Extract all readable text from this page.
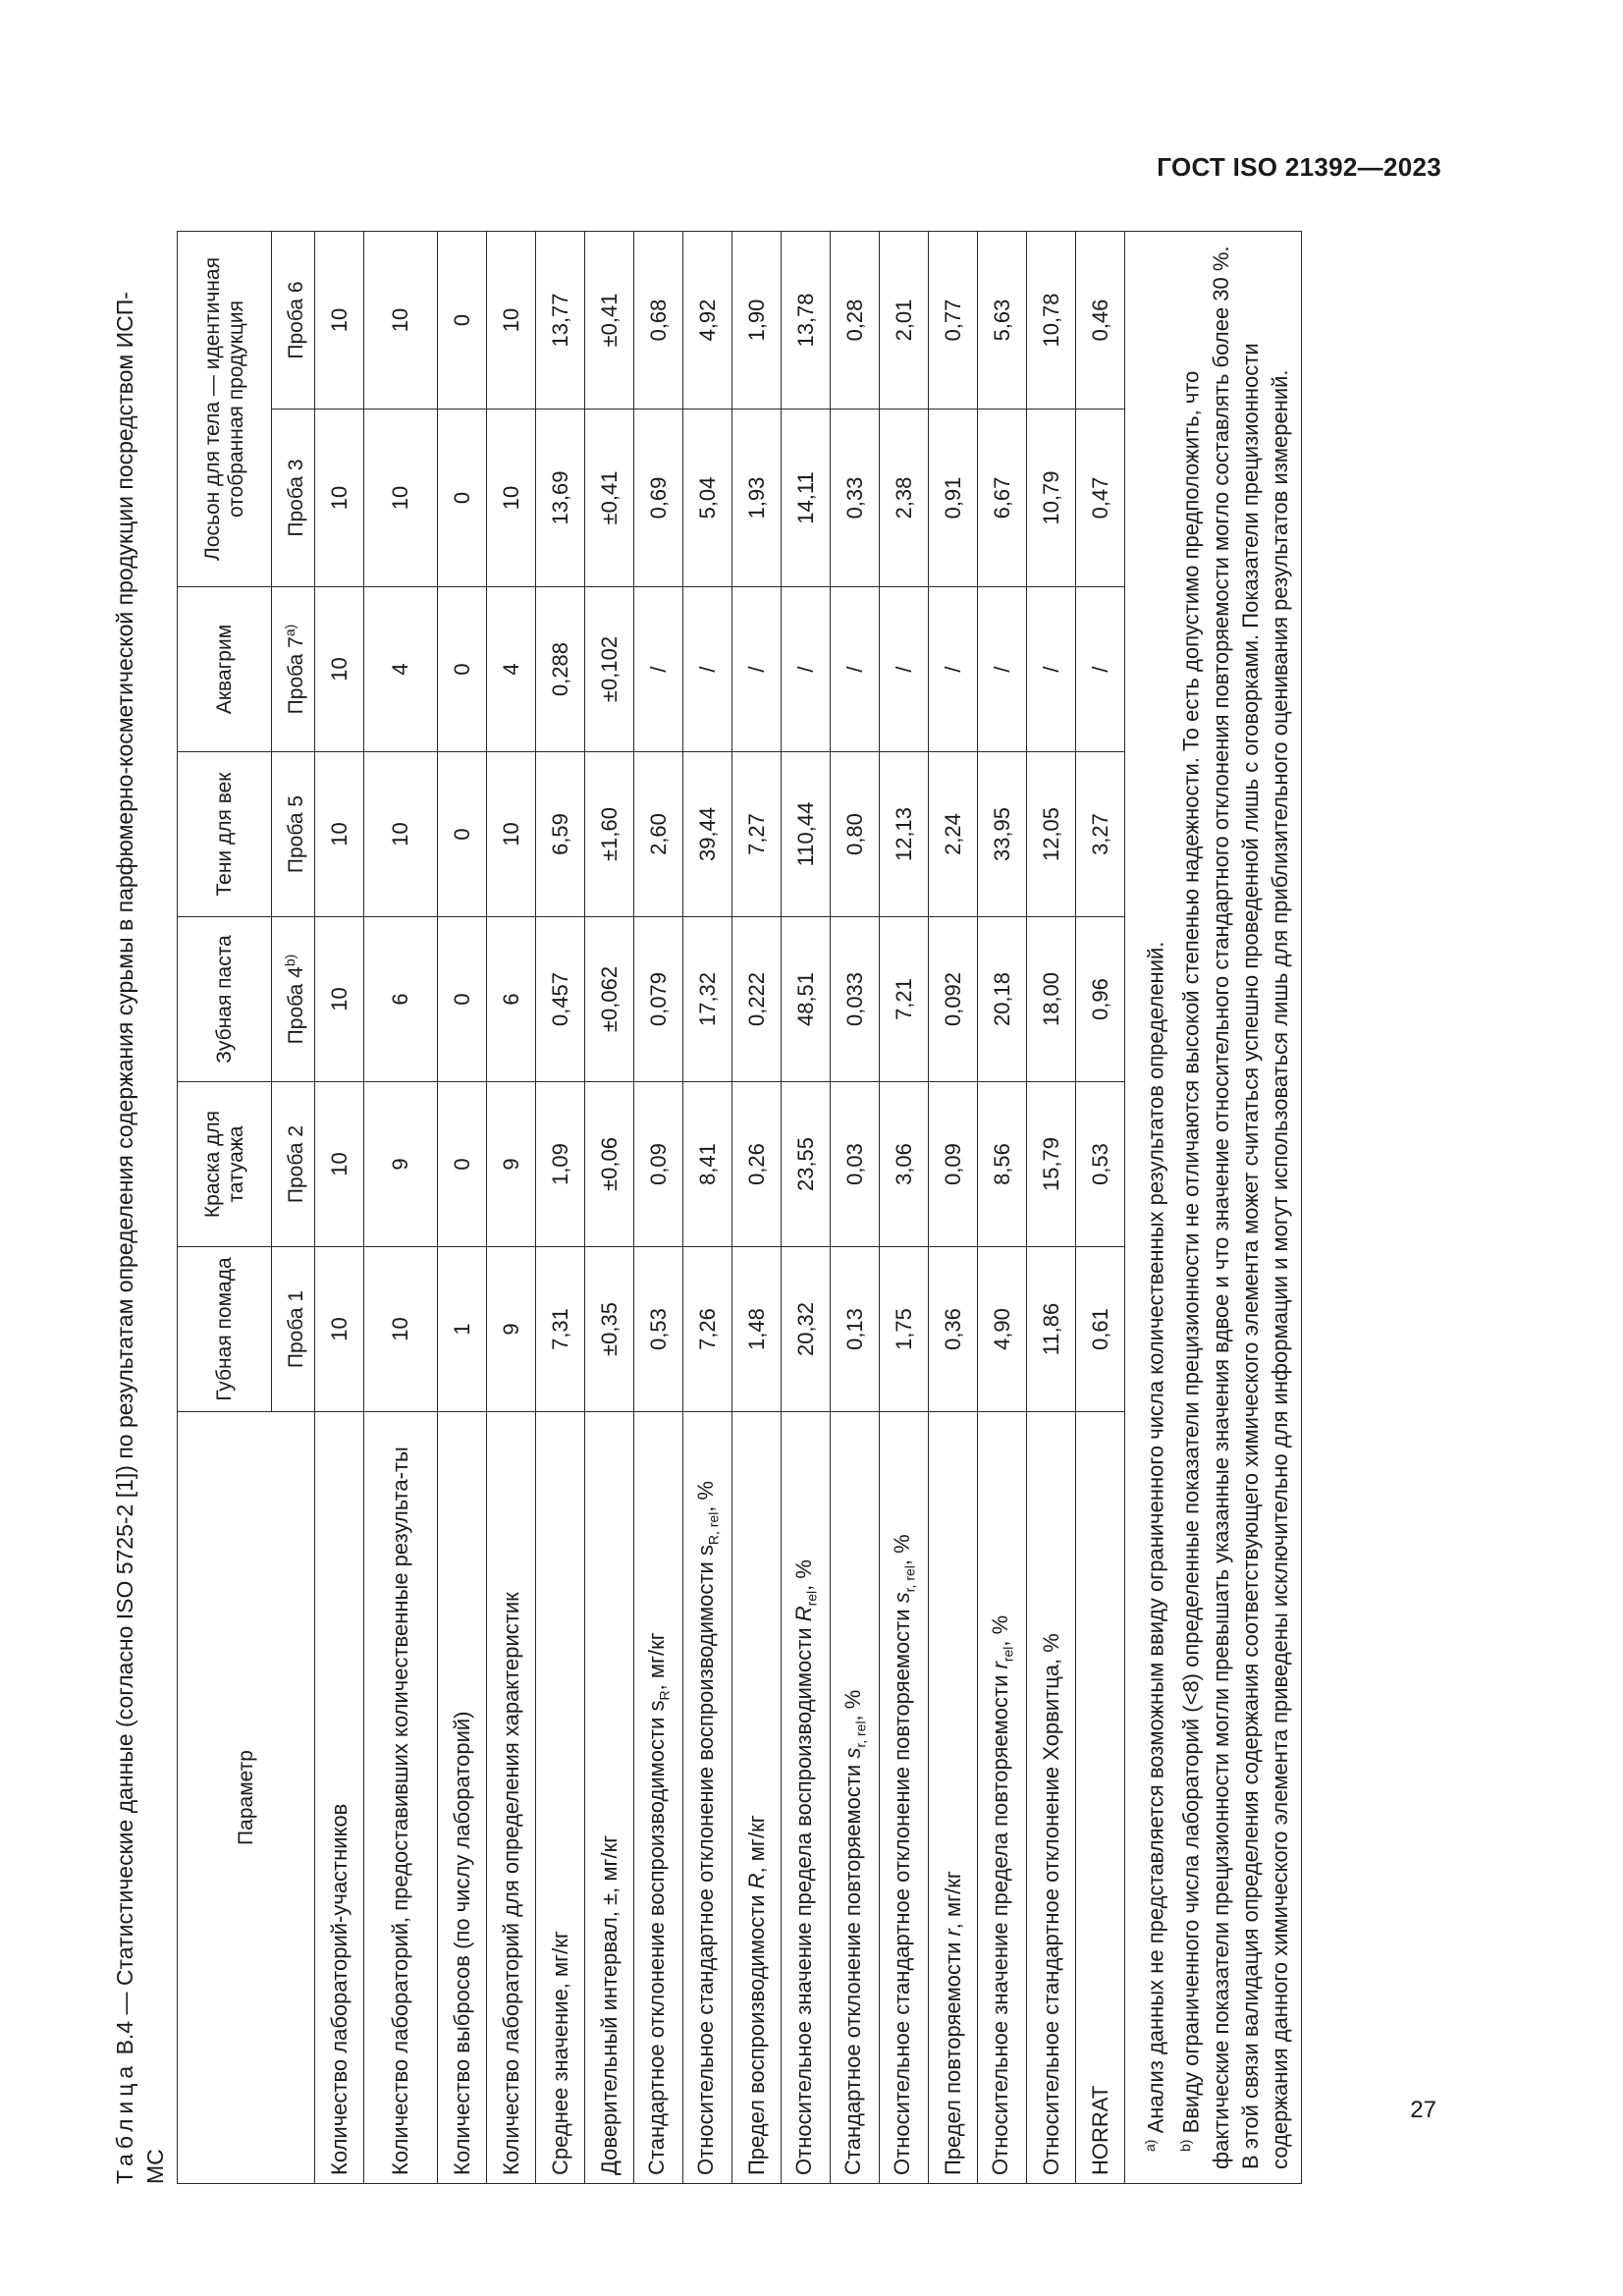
ГОСТ ISO 21392—2023
Таблица B.4 — Статистические данные (согласно ISO 5725-2 [1]) по результатам определения содержания сурьмы в парфюмерно-косметической продукции посредством ИСП-МС
Параметр	Губная помада	Краска для татуажа	Зубная паста	Тени для век	Аквагрим	Лосьон для тела — идентичная отобранная продукция	
	Проба 1	Проба 2	Проба 4$^{b)}$	Проба 5	Проба 7$^{a)}$	Проба 3	Проба 6
Количество лабораторий-участников	10	10	10	10	10	10	10
Количество лабораторий, предоставивших количественные результа-ты	10	9	6	10	4	10	10
Количество выбросов (по числу лабораторий)	1	0	0	0	0	0	0
Количество лабораторий для определения характеристик	9	9	6	10	4	10	10
Среднее значение, мг/кг	7,31	1,09	0,457	6,59	0,288	13,69	13,77
Доверительный интервал, ±, мг/кг	±0,35	±0,06	±0,062	±1,60	±0,102	±0,41	±0,41
Стандартное отклонение воспроизводимости $s_R$, мг/кг	0,53	0,09	0,079	2,60	/	0,69	0,68
Относительное стандартное отклонение воспроизводимости $s_{R, rel}$, %	7,26	8,41	17,32	39,44	/	5,04	4,92
Предел воспроизводимости R, мг/кг	1,48	0,26	0,222	7,27	/	1,93	1,90
Относительное значение предела воспроизводимости $R_{rel}$, %	20,32	23,55	48,51	110,44	/	14,11	13,78
Стандартное отклонение повторяемости $s_{r, rel}$, %	0,13	0,03	0,033	0,80	/	0,33	0,28
Относительное стандартное отклонение повторяемости $s_{r, rel}$, %	1,75	3,06	7,21	12,13	/	2,38	2,01
Предел повторяемости r, мг/кг	0,36	0,09	0,092	2,24	/	0,91	0,77
Относительное значение предела повторяемости $r_{rel}$, %	4,90	8,56	20,18	33,95	/	6,67	5,63
Относительное стандартное отклонение Хорвитца, %	11,86	15,79	18,00	12,05	/	10,79	10,78
HORRAT	0,61	0,53	0,96	3,27	/	0,47	0,46

$^{a)}$ Анализ данных не представляется возможным ввиду ограниченного числа количественных результатов определений.
$^{b)}$ Ввиду ограниченного числа лабораторий (<8) определенные показатели прецизионности не отличаются высокой степенью надежности. То есть допустимо предположить, что фактические показатели прецизионности могли превышать указанные значения вдвое и что значение относительного стандартного отклонения повторяемости могло составлять более 30 %. В этой связи валидация определения содержания соответствующего химического элемента может считаться успешно проведенной лишь с оговорками. Показатели прецизионности содержания данного химического элемента приведены исключительно для информации и могут использоваться лишь для приблизительного оценивания результатов измерений.								27
